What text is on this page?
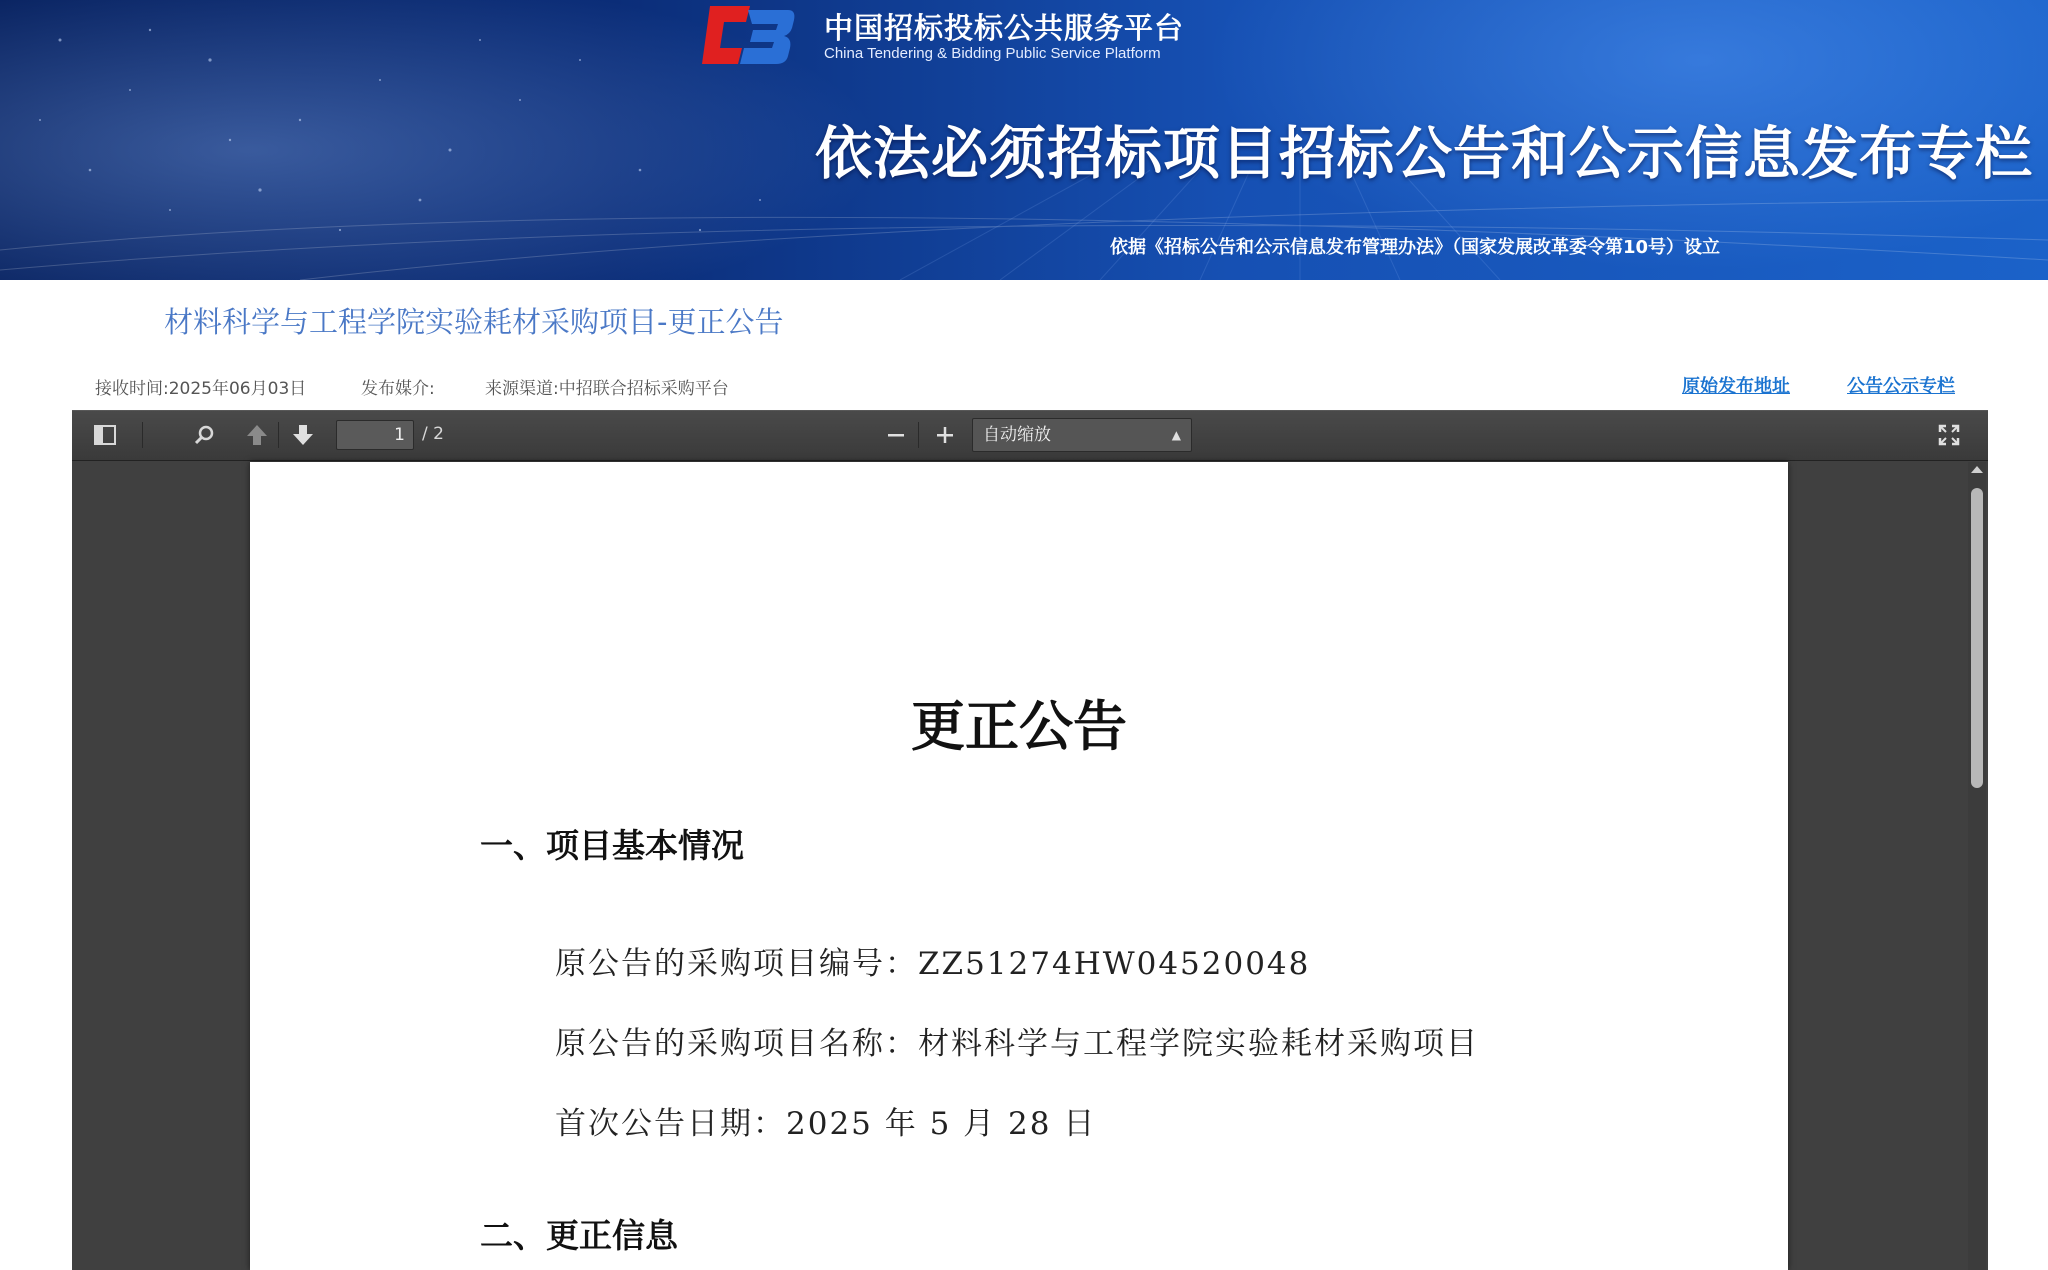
中国招标投标公共服务平台
China Tendering & Bidding Public Service Platform
依法必须招标项目招标公告和公示信息发布专栏
依据《招标公告和公示信息发布管理办法》（国家发展改革委令第10号）设立
材料科学与工程学院实验耗材采购项目-更正公告
接收时间:2025年06月03日	发布媒介:	来源渠道:中招联合招标采购平台	原始发布地址	公告公示专栏
1	/ 2	自动缩放	▲

更正公告
一、项目基本情况
原公告的采购项目编号：ZZ51274HW04520048
原公告的采购项目名称：材料科学与工程学院实验耗材采购项目
首次公告日期：2025 年 5 月 28 日
二、更正信息
